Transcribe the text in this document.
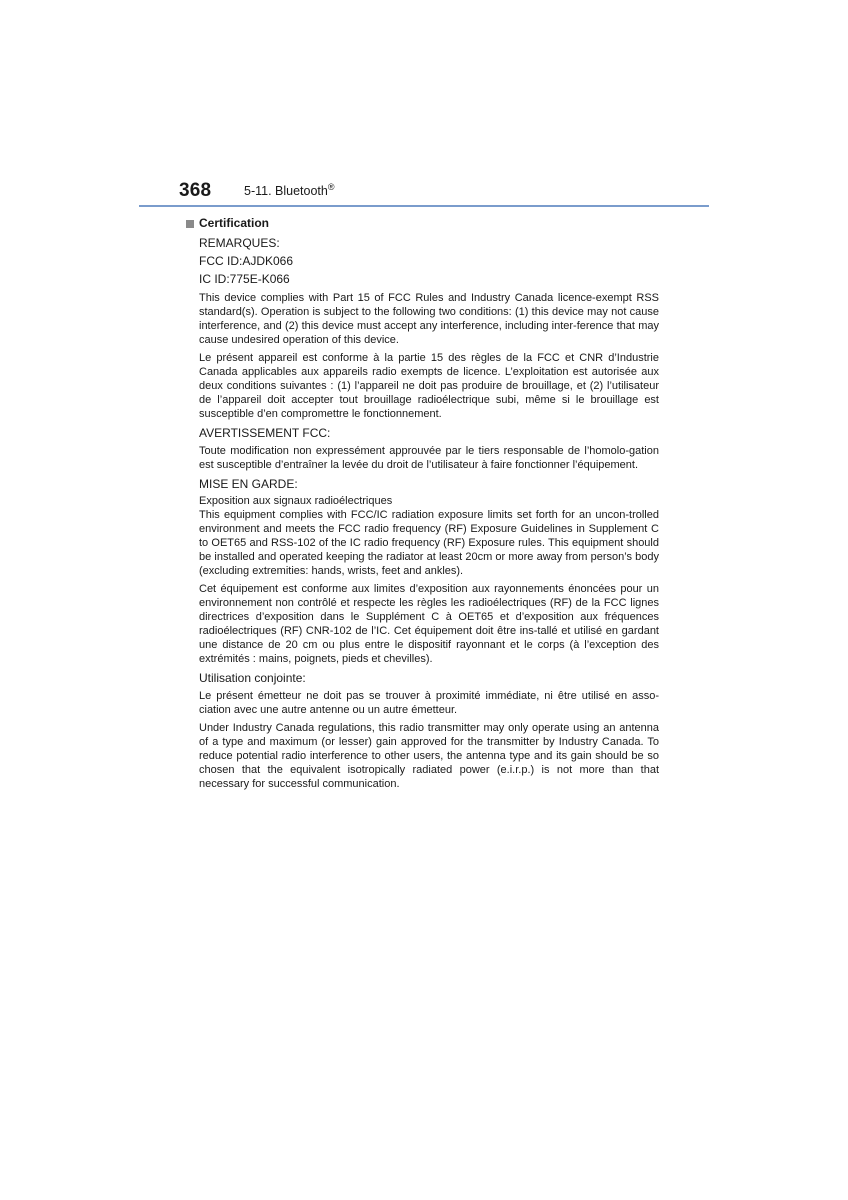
368	5-11. Bluetooth®
Certification
REMARQUES:
FCC ID:AJDK066
IC ID:775E-K066

This device complies with Part 15 of FCC Rules and Industry Canada licence-exempt RSS standard(s). Operation is subject to the following two conditions: (1) this device may not cause interference, and (2) this device must accept any interference, including inter-ference that may cause undesired operation of this device.

Le présent appareil est conforme à la partie 15 des règles de la FCC et CNR d’Industrie Canada applicables aux appareils radio exempts de licence. L’exploitation est autorisée aux deux conditions suivantes : (1) l’appareil ne doit pas produire de brouillage, et (2) l’utilisateur de l’appareil doit accepter tout brouillage radioélectrique subi, même si le brouillage est susceptible d’en compromettre le fonctionnement.

AVERTISSEMENT FCC:

Toute modification non expressément approuvée par le tiers responsable de l’homolo-gation est susceptible d’entraîner la levée du droit de l’utilisateur à faire fonctionner l’équipement.

MISE EN GARDE:
Exposition aux signaux radioélectriques

This equipment complies with FCC/IC radiation exposure limits set forth for an uncon-trolled environment and meets the FCC radio frequency (RF) Exposure Guidelines in Supplement C to OET65 and RSS-102 of the IC radio frequency (RF) Exposure rules. This equipment should be installed and operated keeping the radiator at least 20cm or more away from person’s body (excluding extremities: hands, wrists, feet and ankles).

Cet équipement est conforme aux limites d’exposition aux rayonnements énoncées pour un environnement non contrôlé et respecte les règles les radioélectriques (RF) de la FCC lignes directrices d’exposition dans le Supplément C à OET65 et d’exposition aux fréquences radioélectriques (RF) CNR-102 de l’IC. Cet équipement doit être ins-tallé et utilisé en gardant une distance de 20 cm ou plus entre le dispositif rayonnant et le corps (à l’exception des extrémités : mains, poignets, pieds et chevilles).

Utilisation conjointe:

Le présent émetteur ne doit pas se trouver à proximité immédiate, ni être utilisé en asso-ciation avec une autre antenne ou un autre émetteur.

Under Industry Canada regulations, this radio transmitter may only operate using an antenna of a type and maximum (or lesser) gain approved for the transmitter by Industry Canada. To reduce potential radio interference to other users, the antenna type and its gain should be so chosen that the equivalent isotropically radiated power (e.i.r.p.) is not more than that necessary for successful communication.
